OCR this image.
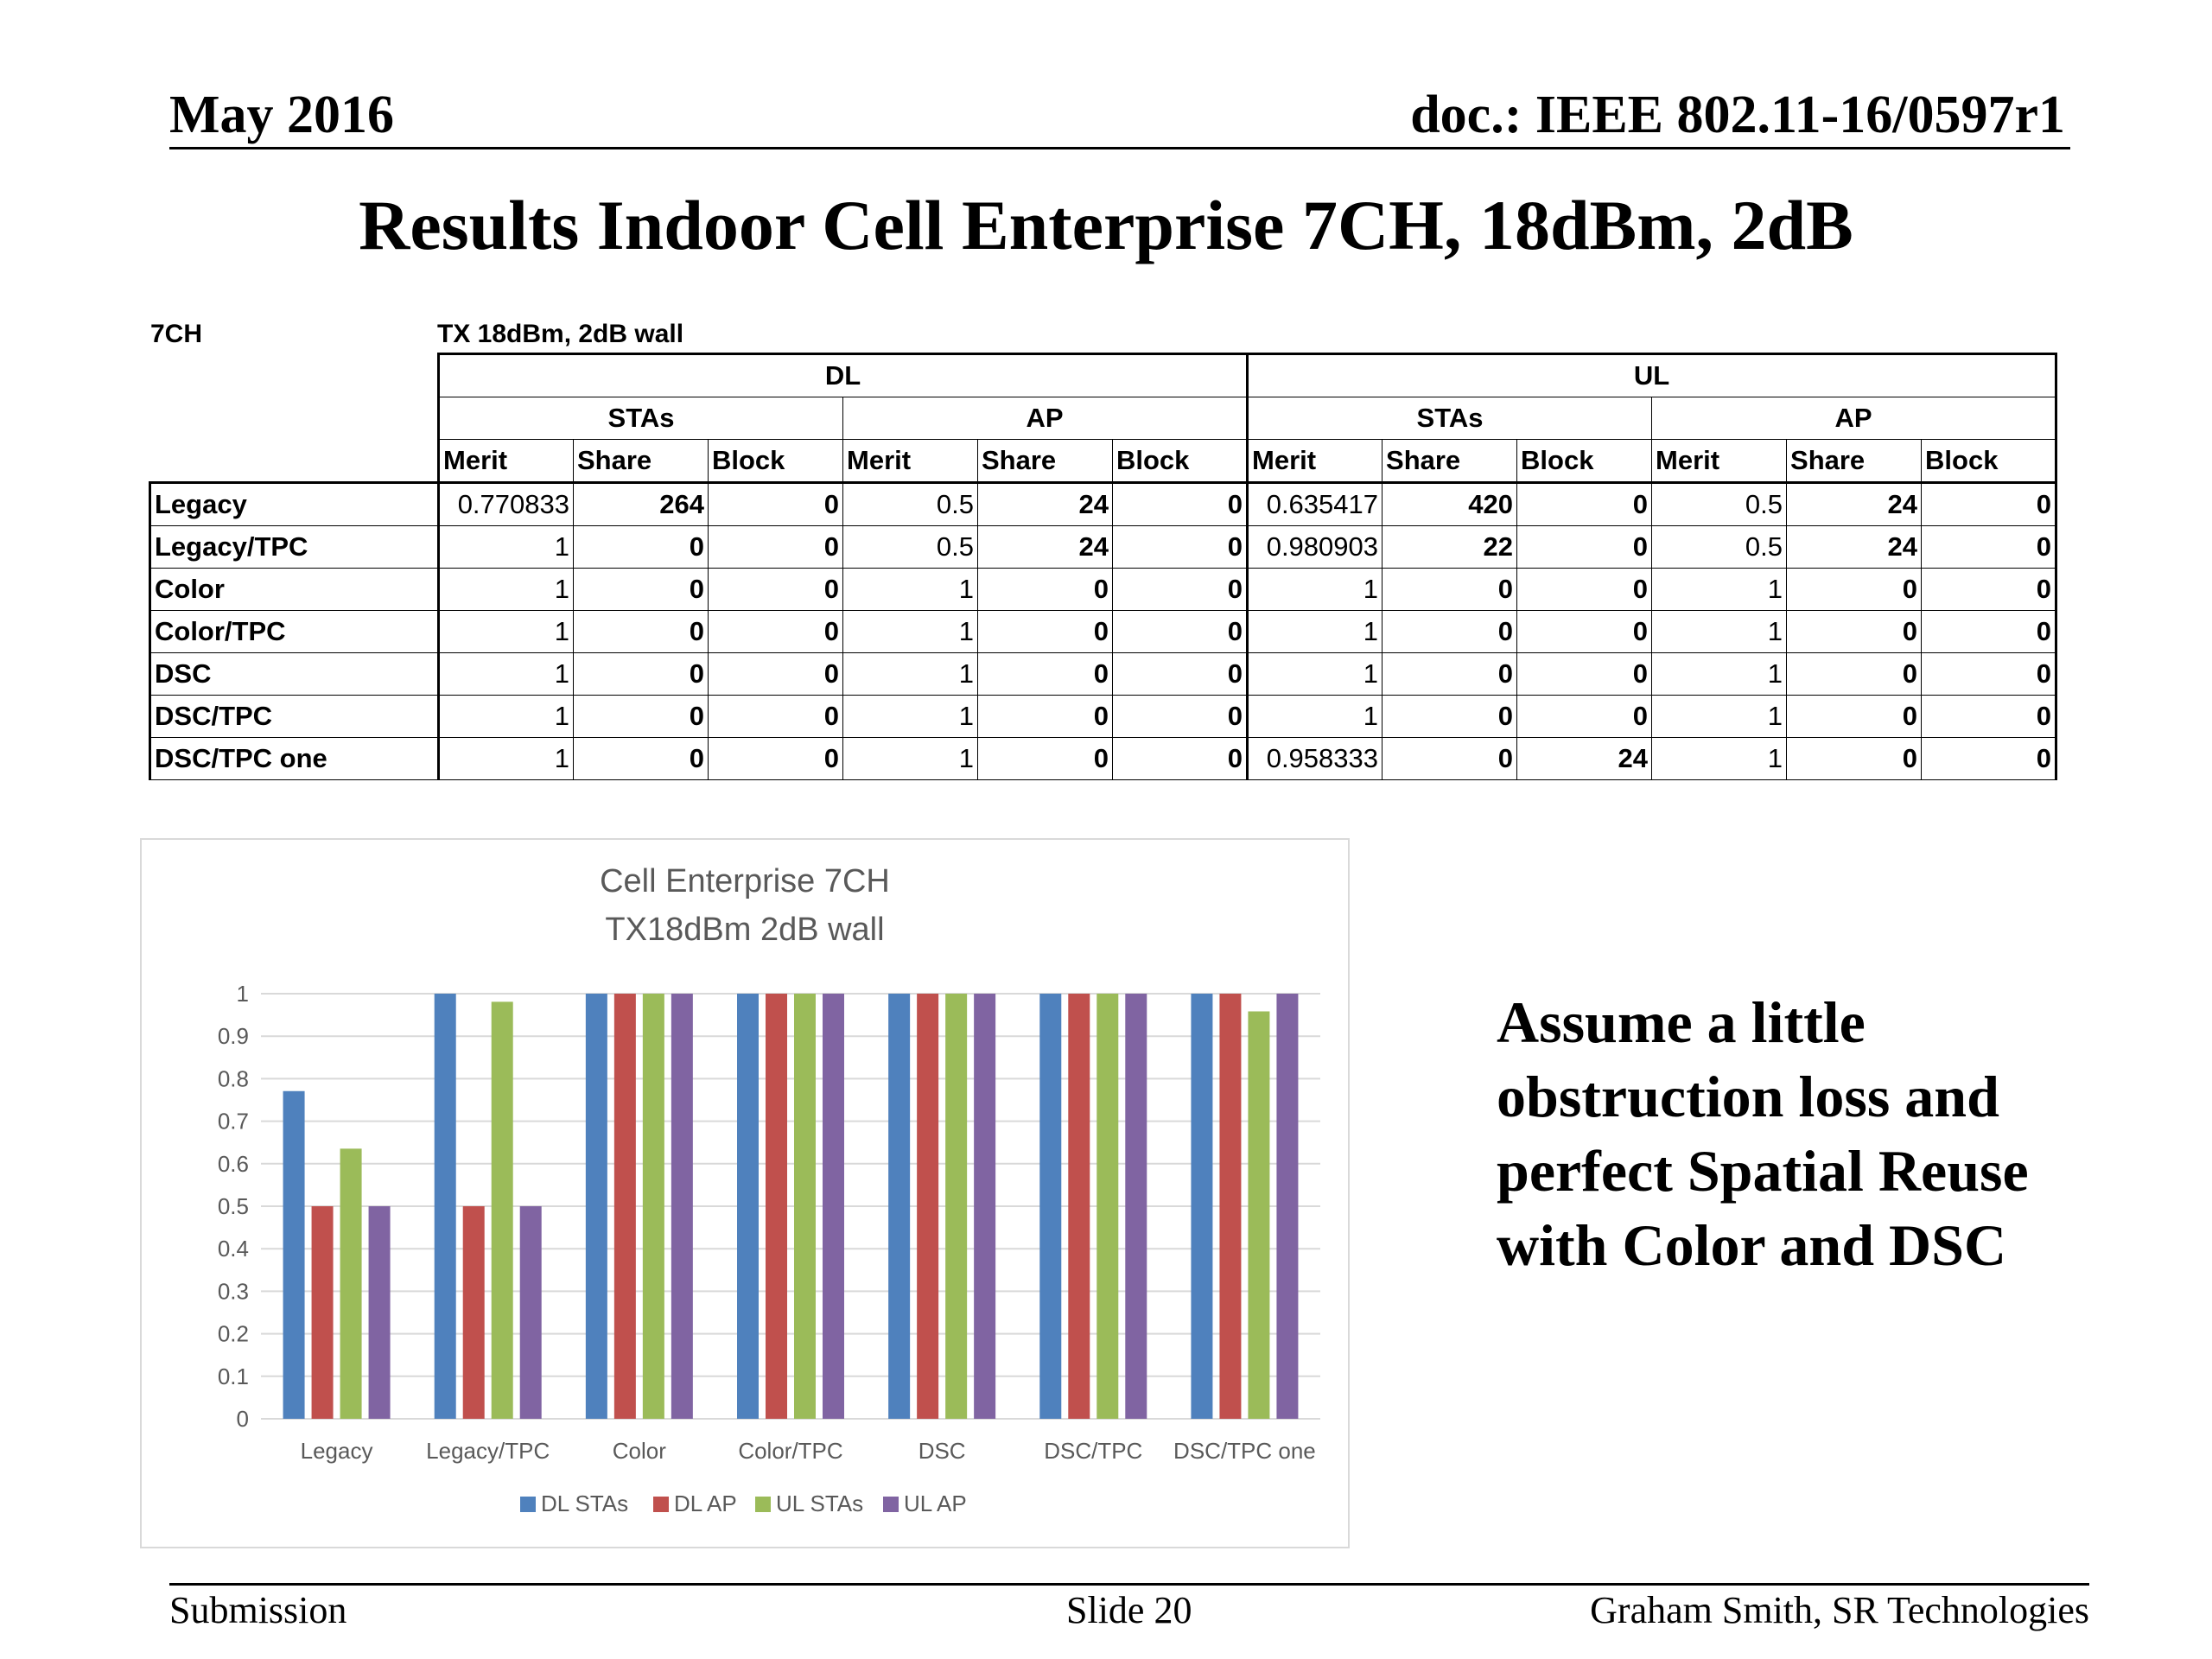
May 2016	doc.: IEEE 802.11-16/0597r1
Results Indoor Cell Enterprise 7CH, 18dBm, 2dB
7CH	TX 18dBm, 2dB wall
	DL						UL					
	STAs			AP			STAs			AP		
	Merit	Share	Block	Merit	Share	Block	Merit	Share	Block	Merit	Share	Block
Legacy	0.770833	264	0	0.5	24	0	0.635417	420	0	0.5	24	0
Legacy/TPC	1	0	0	0.5	24	0	0.980903	22	0	0.5	24	0
Color	1	0	0	1	0	0	1	0	0	1	0	0
Color/TPC	1	0	0	1	0	0	1	0	0	1	0	0
DSC	1	0	0	1	0	0	1	0	0	1	0	0
DSC/TPC	1	0	0	1	0	0	1	0	0	1	0	0
DSC/TPC one	1	0	0	1	0	0	0.958333	0	24	1	0	0
Cell Enterprise 7CH
TX18dBm 2dB wall
0
0.1
0.2
0.3
0.4
0.5
0.6
0.7
0.8
0.9
1
Legacy Legacy/TPC	Color	Color/TPC	DSC	DSC/TPC DSC/TPC one
DL STAs DL AP UL STAs UL AP
Assume a little
obstruction loss and
perfect Spatial Reuse
with Color and DSC
Submission	Slide 20	Graham Smith, SR Technologies
